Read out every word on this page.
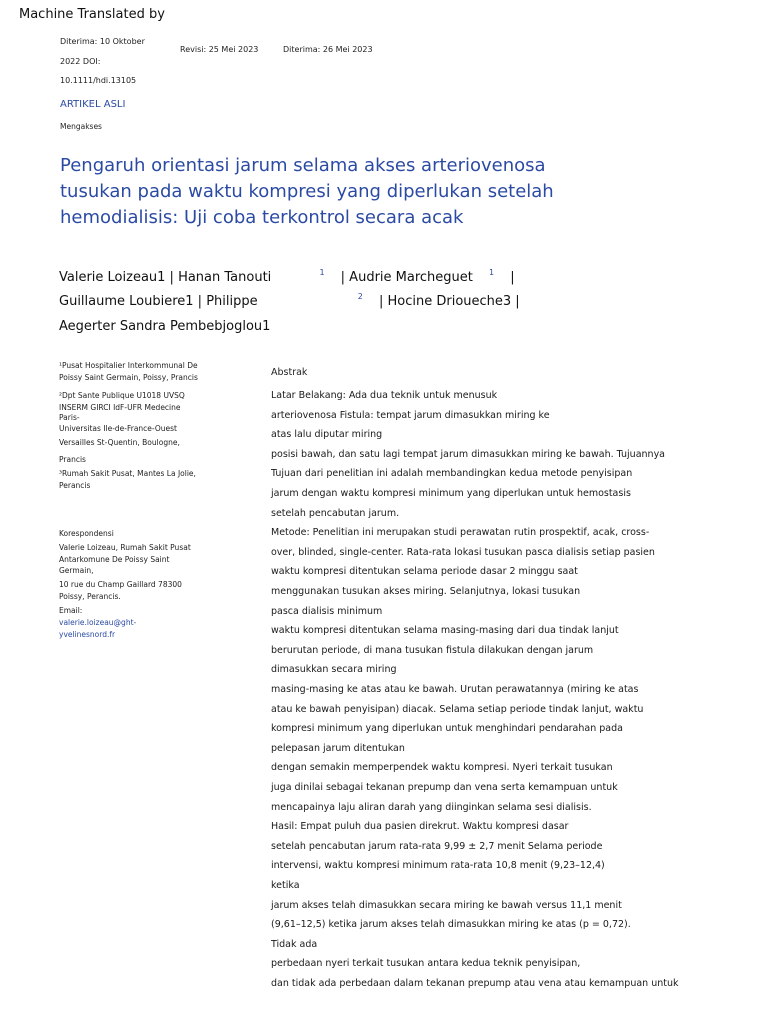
Machine Translated by
Diterima: 10 Oktober
2022 DOI:
10.1111/hdi.13105
Revisi: 25 Mei 2023	Diterima: 26 Mei 2023
ARTIKEL ASLI
Mengakses
Pengaruh orientasi jarum selama akses arteriovenosa
tusukan pada waktu kompresi yang diperlukan setelah
hemodialisis: Uji coba terkontrol secara acak
Valerie Loizeau1 | Hanan Tanouti	$^1$ | Audrie Marcheguet $^1$ |
Guillaume Loubiere1 | Philippe	$^2$ | Hocine Drioueche3 |
Aegerter Sandra Pembebjoglou1
¹Pusat Hospitalier Interkommunal De
Poissy Saint Germain, Poissy, Prancis
²Dpt Sante Publique U1018 UVSQ
INSERM GIRCI IdF-UFR Medecine
Paris-
Universitas Ile-de-France-Ouest
Versailles St-Quentin, Boulogne,
Prancis
³Rumah Sakit Pusat, Mantes La Jolie,
Perancis
Korespondensi
Valerie Loizeau, Rumah Sakit Pusat
Antarkomune De Poissy Saint
Germain,
10 rue du Champ Gaillard 78300
Poissy, Perancis.
Email:
valerie.loizeau@ght-
yvelinesnord.fr
Abstrak
Latar Belakang: Ada dua teknik untuk menusuk
arteriovenosa Fistula: tempat jarum dimasukkan miring ke
atas lalu diputar miring
posisi bawah, dan satu lagi tempat jarum dimasukkan miring ke bawah. Tujuannya
Tujuan dari penelitian ini adalah membandingkan kedua metode penyisipan
jarum dengan waktu kompresi minimum yang diperlukan untuk hemostasis
setelah pencabutan jarum.
Metode: Penelitian ini merupakan studi perawatan rutin prospektif, acak, cross-
over, blinded, single-center. Rata-rata lokasi tusukan pasca dialisis setiap pasien
waktu kompresi ditentukan selama periode dasar 2 minggu saat
menggunakan tusukan akses miring. Selanjutnya, lokasi tusukan
pasca dialisis minimum
waktu kompresi ditentukan selama masing-masing dari dua tindak lanjut
berurutan periode, di mana tusukan fistula dilakukan dengan jarum
dimasukkan secara miring
masing-masing ke atas atau ke bawah. Urutan perawatannya (miring ke atas
atau ke bawah penyisipan) diacak. Selama setiap periode tindak lanjut, waktu
kompresi minimum yang diperlukan untuk menghindari pendarahan pada
pelepasan jarum ditentukan
dengan semakin memperpendek waktu kompresi. Nyeri terkait tusukan
juga dinilai sebagai tekanan prepump dan vena serta kemampuan untuk
mencapainya laju aliran darah yang diinginkan selama sesi dialisis.
Hasil: Empat puluh dua pasien direkrut. Waktu kompresi dasar
setelah pencabutan jarum rata-rata 9,99 ± 2,7 menit Selama periode
intervensi, waktu kompresi minimum rata-rata 10,8 menit (9,23–12,4)
ketika
jarum akses telah dimasukkan secara miring ke bawah versus 11,1 menit
(9,61–12,5) ketika jarum akses telah dimasukkan miring ke atas (p = 0,72).
Tidak ada
perbedaan nyeri terkait tusukan antara kedua teknik penyisipan,
dan tidak ada perbedaan dalam tekanan prepump atau vena atau kemampuan untuk
